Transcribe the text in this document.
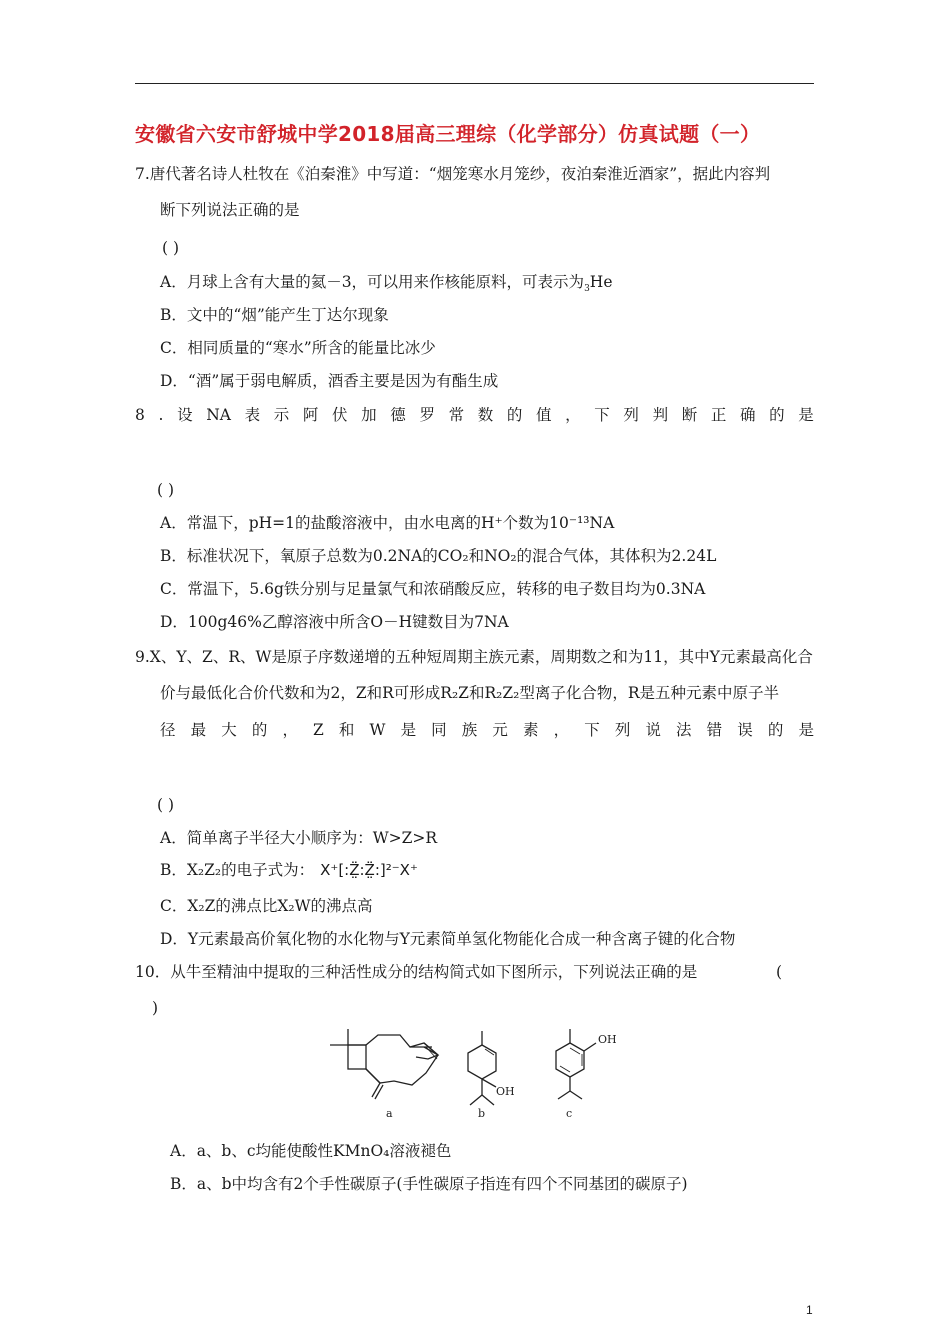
安徽省六安市舒城中学2018届高三理综（化学部分）仿真试题（一）
7.唐代著名诗人杜牧在《泊秦淮》中写道：“烟笼寒水月笼纱，夜泊秦淮近酒家”，据此内容判
断下列说法正确的是
( )
A．月球上含有大量的氦－3，可以用来作核能原料，可表示为$_3$He
B．文中的“烟”能产生丁达尔现象
C．相同质量的“寒水”所含的能量比冰少
D．“酒”属于弱电解质，酒香主要是因为有酯生成
8 . 设 NA 表 示 阿 伏 加 德 罗 常 数 的 值 ， 下 列 判 断 正 确 的 是
( )
A．常温下，pH=1的盐酸溶液中，由水电离的H⁺个数为10⁻¹³NA
B．标准状况下，氧原子总数为0.2NA的CO₂和NO₂的混合气体，其体积为2.24L
C．常温下，5.6g铁分别与足量氯气和浓硝酸反应，转移的电子数目均为0.3NA
D．100g46%乙醇溶液中所含O－H键数目为7NA
9.X、Y、Z、R、W是原子序数递增的五种短周期主族元素，周期数之和为11，其中Y元素最高化合
价与最低化合价代数和为2，Z和R可形成R₂Z和R₂Z₂型离子化合物，R是五种元素中原子半
径 最 大 的 ， Z 和 W 是 同 族 元 素 ， 下 列 说 法 错 误 的 是
( )
A．简单离子半径大小顺序为：W>Z>R
B．X₂Z₂的电子式为： X⁺[:Z̤̈:Z̤̈:]²⁻X⁺
C．X₂Z的沸点比X₂W的沸点高
D．Y元素最高价氧化物的水化物与Y元素简单氢化物能化合成一种含离子键的化合物
10．从牛至精油中提取的三种活性成分的结构简式如下图所示，下列说法正确的是	(
)
OH
OH
a	b	c
A．a、b、c均能使酸性KMnO₄溶液褪色
B．a、b中均含有2个手性碳原子(手性碳原子指连有四个不同基团的碳原子)
1
